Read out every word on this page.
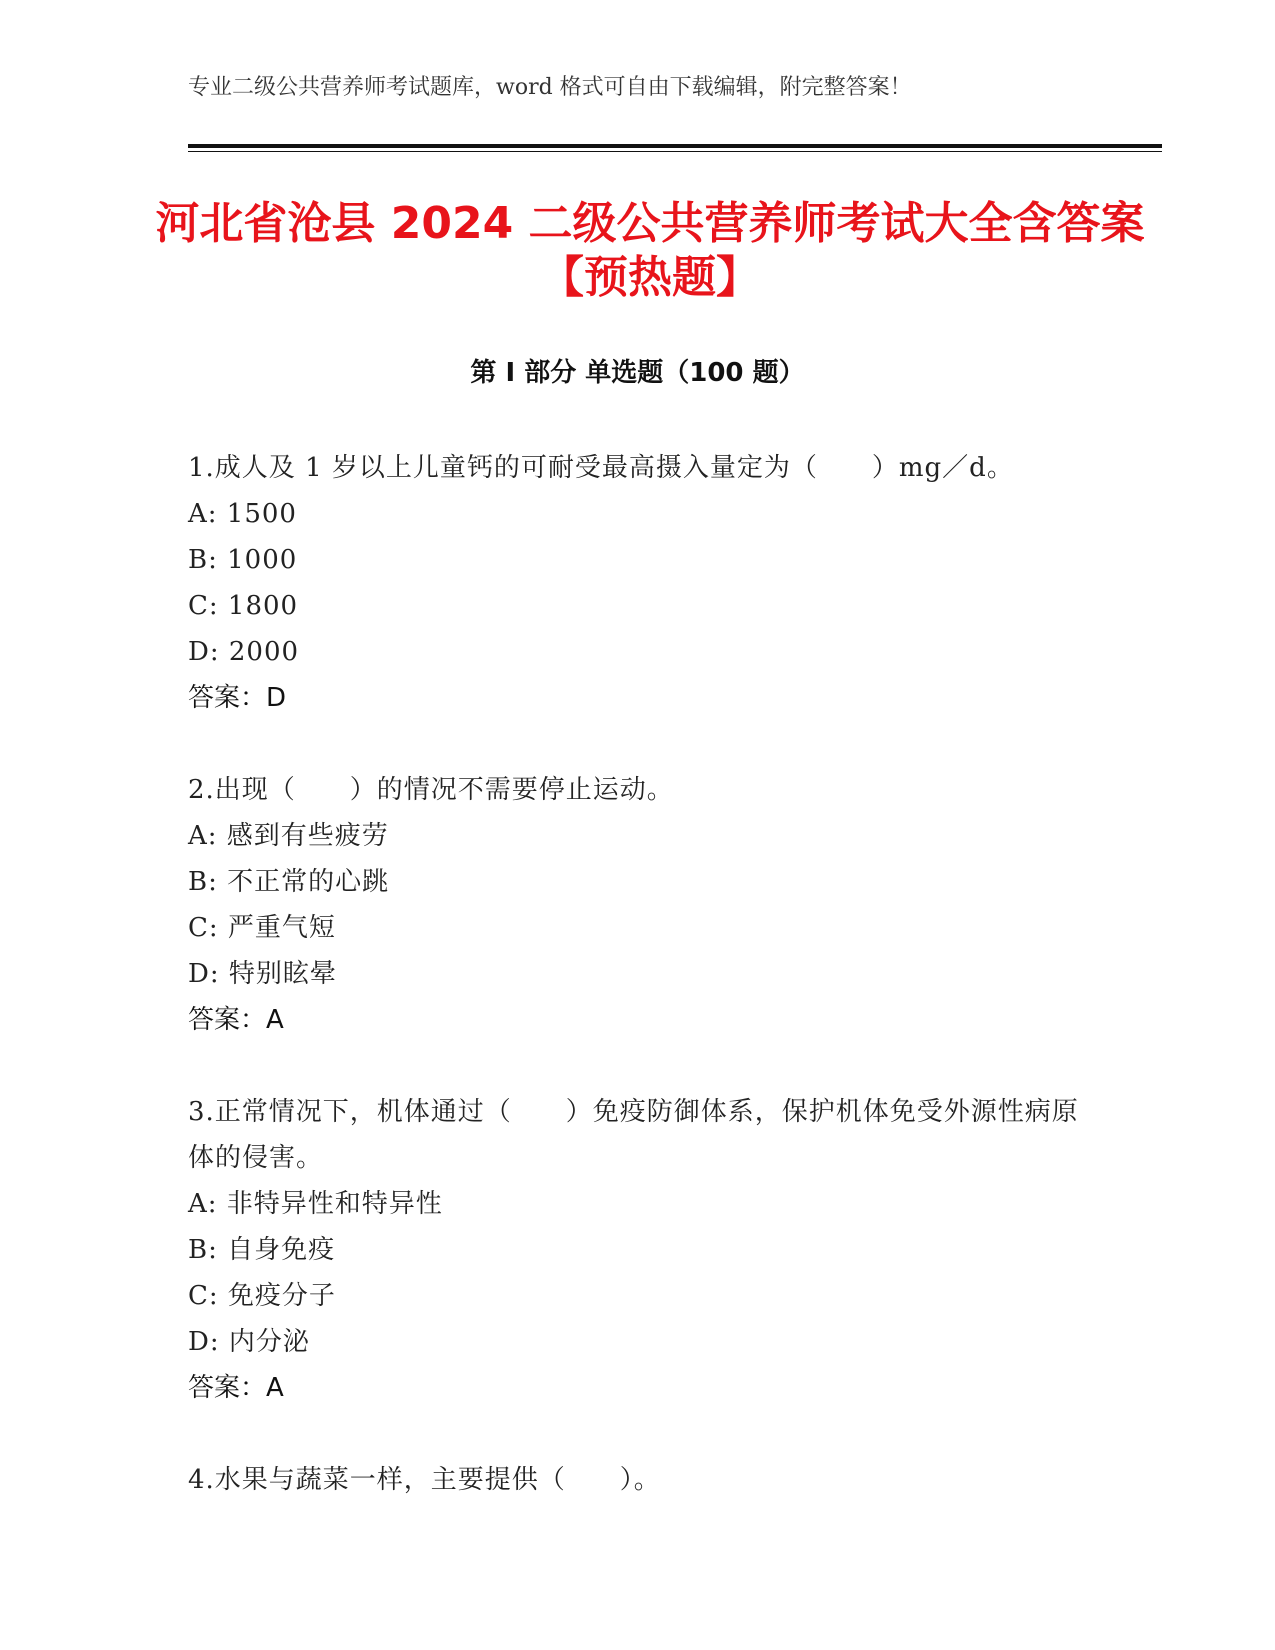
专业二级公共营养师考试题库，word 格式可自由下载编辑，附完整答案！
河北省沧县 2024 二级公共营养师考试大全含答案【预热题】
第 I 部分 单选题（100 题）
1.成人及 1 岁以上儿童钙的可耐受最高摄入量定为（　　）mg／d。
A: 1500
B: 1000
C: 1800
D: 2000
答案：D
2.出现（　　）的情况不需要停止运动。
A: 感到有些疲劳
B: 不正常的心跳
C: 严重气短
D: 特别眩晕
答案：A
3.正常情况下，机体通过（　　）免疫防御体系，保护机体免受外源性病原体的侵害。
A: 非特异性和特异性
B: 自身免疫
C: 免疫分子
D: 内分泌
答案：A
4.水果与蔬菜一样，主要提供（　　）。
